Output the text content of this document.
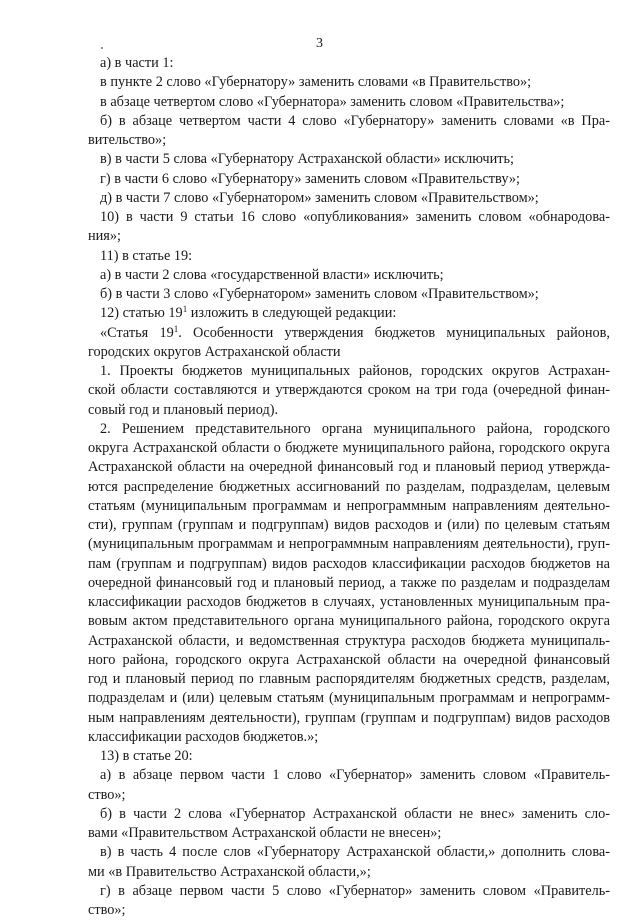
3
а) в части 1:
в пункте 2 слово «Губернатору» заменить словами «в Правительство»;
в абзаце четвертом слово «Губернатора» заменить словом «Правительства»;
б) в абзаце четвертом части 4 слово «Губернатору» заменить словами «в Пра-
вительство»;
в) в части 5 слова «Губернатору Астраханской области» исключить;
г) в части 6 слово «Губернатору» заменить словом «Правительству»;
д) в части 7 слово «Губернатором» заменить словом «Правительством»;
10) в части 9 статьи 16 слово «опубликования» заменить словом «обнародова-
ния»;
11) в статье 19:
а) в части 2 слова «государственной власти» исключить;
б) в части 3 слово «Губернатором» заменить словом «Правительством»;
12) статью $19^1$ изложить в следующей редакции:
«Статья $19^1$. Особенности утверждения бюджетов муниципальных районов,
городских округов Астраханской области
1. Проекты бюджетов муниципальных районов, городских округов Астрахан-
ской области составляются и утверждаются сроком на три года (очередной финан-
совый год и плановый период).
2. Решением представительного органа муниципального района, городского
округа Астраханской области о бюджете муниципального района, городского округа
Астраханской области на очередной финансовый год и плановый период утвержда-
ются распределение бюджетных ассигнований по разделам, подразделам, целевым
статьям (муниципальным программам и непрограммным направлениям деятельно-
сти), группам (группам и подгруппам) видов расходов и (или) по целевым статьям
(муниципальным программам и непрограммным направлениям деятельности), груп-
пам (группам и подгруппам) видов расходов классификации расходов бюджетов на
очередной финансовый год и плановый период, а также по разделам и подразделам
классификации расходов бюджетов в случаях, установленных муниципальным пра-
вовым актом представительного органа муниципального района, городского округа
Астраханской области, и ведомственная структура расходов бюджета муниципаль-
ного района, городского округа Астраханской области на очередной финансовый
год и плановый период по главным распорядителям бюджетных средств, разделам,
подразделам и (или) целевым статьям (муниципальным программам и непрограмм-
ным направлениям деятельности), группам (группам и подгруппам) видов расходов
классификации расходов бюджетов.»;
13) в статье 20:
а) в абзаце первом части 1 слово «Губернатор» заменить словом «Правитель-
ство»;
б) в части 2 слова «Губернатор Астраханской области не внес» заменить сло-
вами «Правительством Астраханской области не внесен»;
в) в часть 4 после слов «Губернатору Астраханской области,» дополнить слова-
ми «в Правительство Астраханской области,»;
г) в абзаце первом части 5 слово «Губернатор» заменить словом «Правитель-
ство»;
